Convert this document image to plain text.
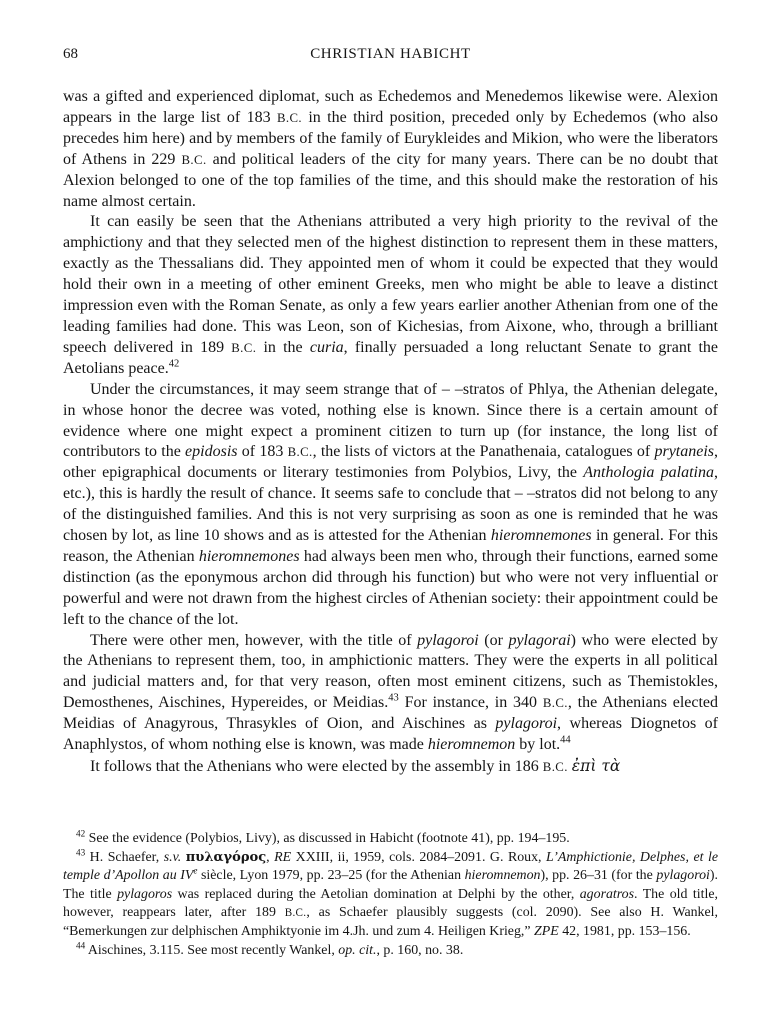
68	CHRISTIAN HABICHT

was a gifted and experienced diplomat, such as Echedemos and Menedemos likewise were. Alexion appears in the large list of 183 B.C. in the third position, preceded only by Echedemos (who also precedes him here) and by members of the family of Eurykleides and Mikion, who were the liberators of Athens in 229 B.C. and political leaders of the city for many years. There can be no doubt that Alexion belonged to one of the top families of the time, and this should make the restoration of his name almost certain.

It can easily be seen that the Athenians attributed a very high priority to the revival of the amphictiony and that they selected men of the highest distinction to represent them in these matters, exactly as the Thessalians did. They appointed men of whom it could be expected that they would hold their own in a meeting of other eminent Greeks, men who might be able to leave a distinct impression even with the Roman Senate, as only a few years earlier another Athenian from one of the leading families had done. This was Leon, son of Kichesias, from Aixone, who, through a brilliant speech delivered in 189 B.C. in the curia, finally persuaded a long reluctant Senate to grant the Aetolians peace.$^{42}$

Under the circumstances, it may seem strange that of – –stratos of Phlya, the Athenian delegate, in whose honor the decree was voted, nothing else is known. Since there is a certain amount of evidence where one might expect a prominent citizen to turn up (for instance, the long list of contributors to the epidosis of 183 B.C., the lists of victors at the Panathenaia, catalogues of prytaneis, other epigraphical documents or literary testimonies from Polybios, Livy, the Anthologia palatina, etc.), this is hardly the result of chance. It seems safe to conclude that – –stratos did not belong to any of the distinguished families. And this is not very surprising as soon as one is reminded that he was chosen by lot, as line 10 shows and as is attested for the Athenian hieromnemones in general. For this reason, the Athenian hieromnemones had always been men who, through their functions, earned some distinction (as the eponymous archon did through his function) but who were not very influential or powerful and were not drawn from the highest circles of Athenian society: their appointment could be left to the chance of the lot.

There were other men, however, with the title of pylagoroi (or pylagorai) who were elected by the Athenians to represent them, too, in amphictionic matters. They were the experts in all political and judicial matters and, for that very reason, often most eminent citizens, such as Themistokles, Demosthenes, Aischines, Hypereides, or Meidias.$^{43}$ For instance, in 340 B.C., the Athenians elected Meidias of Anagyrous, Thrasykles of Oion, and Aischines as pylagoroi, whereas Diognetos of Anaphlystos, of whom nothing else is known, was made hieromnemon by lot.$^{44}$

It follows that the Athenians who were elected by the assembly in 186 B.C. ἐπὶ τὰ

$^{42}$ See the evidence (Polybios, Livy), as discussed in Habicht (footnote 41), pp. 194–195.

$^{43}$ H. Schaefer, s.v. πυλαγόρος, RE XXIII, ii, 1959, cols. 2084–2091. G. Roux, L’Amphictionie, Delphes, et le temple d’Apollon au IVe siècle, Lyon 1979, pp. 23–25 (for the Athenian hieromnemon), pp. 26–31 (for the pylagoroi). The title pylagoros was replaced during the Aetolian domination at Delphi by the other, agoratros. The old title, however, reappears later, after 189 B.C., as Schaefer plausibly suggests (col. 2090). See also H. Wankel, “Bemerkungen zur delphischen Amphiktyonie im 4.Jh. und zum 4. Heiligen Krieg,” ZPE 42, 1981, pp. 153–156.

$^{44}$ Aischines, 3.115. See most recently Wankel, op. cit., p. 160, no. 38.
